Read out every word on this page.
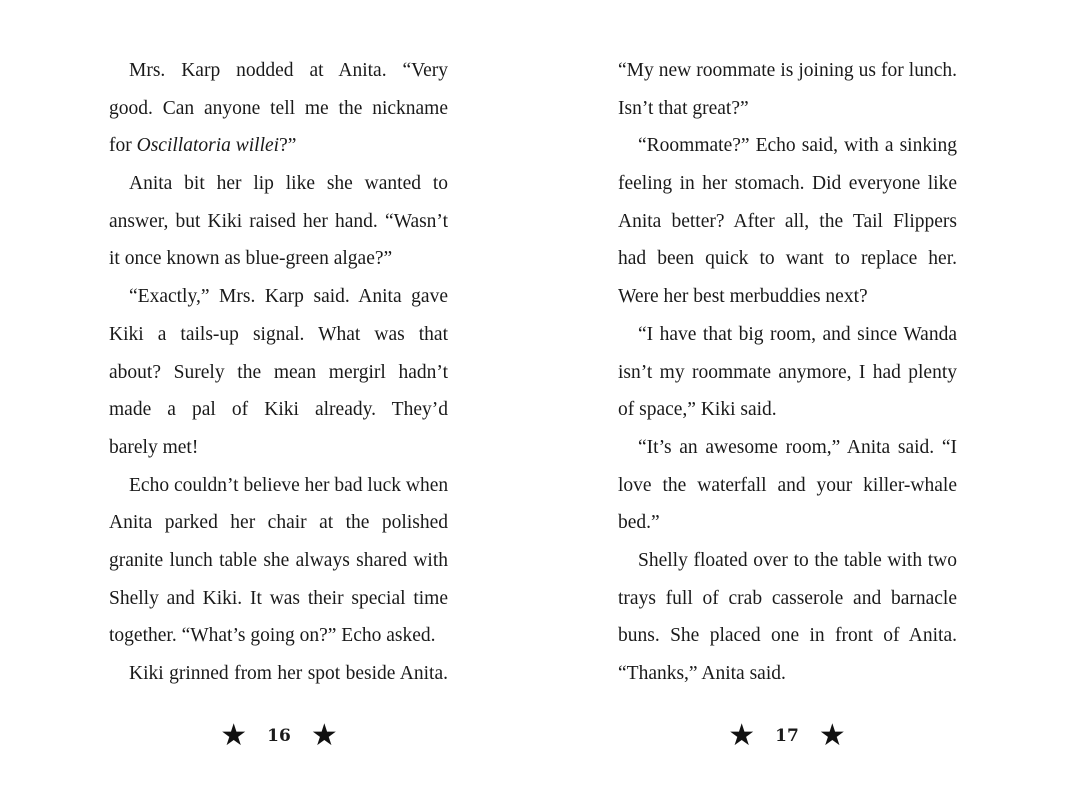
Mrs. Karp nodded at Anita. “Very
good. Can anyone tell me the nickname
for Oscillatoria willei?”
Anita bit her lip like she wanted to
answer, but Kiki raised her hand. “Wasn’t
it once known as blue-green algae?”
“Exactly,” Mrs. Karp said. Anita gave
Kiki a tails-up signal. What was that
about? Surely the mean mergirl hadn’t
made a pal of Kiki already. They’d
barely met!
Echo couldn’t believe her bad luck when
Anita parked her chair at the polished
granite lunch table she always shared with
Shelly and Kiki. It was their special time
together. “What’s going on?” Echo asked.
Kiki grinned from her spot beside Anita.
★ 16 ★
“My new roommate is joining us for lunch.
Isn’t that great?”
“Roommate?” Echo said, with a sinking
feeling in her stomach. Did everyone like
Anita better? After all, the Tail Flippers
had been quick to want to replace her.
Were her best merbuddies next?
“I have that big room, and since Wanda
isn’t my roommate anymore, I had plenty
of space,” Kiki said.
“It’s an awesome room,” Anita said. “I
love the waterfall and your killer-whale
bed.”
Shelly floated over to the table with two
trays full of crab casserole and barnacle
buns. She placed one in front of Anita.
“Thanks,” Anita said.
★ 17 ★
